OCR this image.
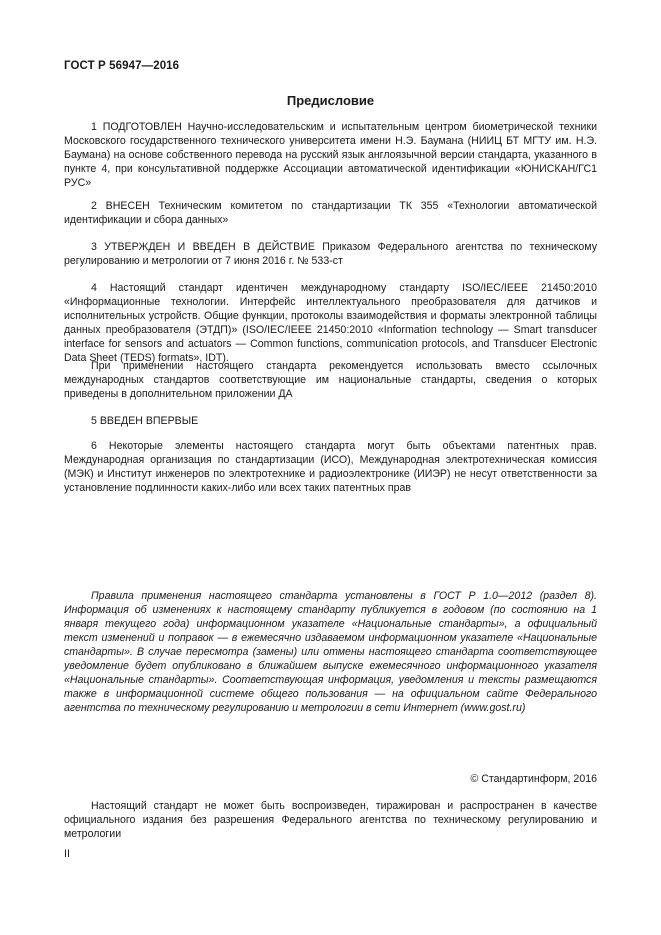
ГОСТ Р 56947—2016
Предисловие

1 ПОДГОТОВЛЕН Научно-исследовательским и испытательным центром биометрической техники Московского государственного технического университета имени Н.Э. Баумана (НИИЦ БТ МГТУ им. Н.Э. Баумана) на основе собственного перевода на русский язык англоязычной версии стандарта, указанного в пункте 4, при консультативной поддержке Ассоциации автоматической идентификации «ЮНИСКАН/ГС1 РУС»

2 ВНЕСЕН Техническим комитетом по стандартизации ТК 355 «Технологии автоматической идентификации и сбора данных»

3 УТВЕРЖДЕН И ВВЕДЕН В ДЕЙСТВИЕ Приказом Федерального агентства по техническому регулированию и метрологии от 7 июня 2016 г. № 533-ст

4 Настоящий стандарт идентичен международному стандарту ISO/IEC/IEEE 21450:2010 «Информационные технологии. Интерфейс интеллектуального преобразователя для датчиков и исполнительных устройств. Общие функции, протоколы взаимодействия и форматы электронной таблицы данных преобразователя (ЭТДП)» (ISO/IEC/IEEE 21450:2010 «Information technology — Smart transducer interface for sensors and actuators — Common functions, communication protocols, and Transducer Electronic Data Sheet (TEDS) formats», IDT).

При применении настоящего стандарта рекомендуется использовать вместо ссылочных международных стандартов соответствующие им национальные стандарты, сведения о которых приведены в дополнительном приложении ДА

5 ВВЕДЕН ВПЕРВЫЕ

6 Некоторые элементы настоящего стандарта могут быть объектами патентных прав. Международная организация по стандартизации (ИСО), Международная электротехническая комиссия (МЭК) и Институт инженеров по электротехнике и радиоэлектронике (ИИЭР) не несут ответственности за установление подлинности каких-либо или всех таких патентных прав

Правила применения настоящего стандарта установлены в ГОСТ Р 1.0—2012 (раздел 8). Информация об изменениях к настоящему стандарту публикуется в годовом (по состоянию на 1 января текущего года) информационном указателе «Национальные стандарты», а официальный текст изменений и поправок — в ежемесячно издаваемом информационном указателе «Национальные стандарты». В случае пересмотра (замены) или отмены настоящего стандарта соответствующее уведомление будет опубликовано в ближайшем выпуске ежемесячного информационного указателя «Национальные стандарты». Соответствующая информация, уведомления и тексты размещаются также в информационной системе общего пользования — на официальном сайте Федерального агентства по техническому регулированию и метрологии в сети Интернет (www.gost.ru)

© Стандартинформ, 2016

Настоящий стандарт не может быть воспроизведен, тиражирован и распространен в качестве официального издания без разрешения Федерального агентства по техническому регулированию и метрологии

II
